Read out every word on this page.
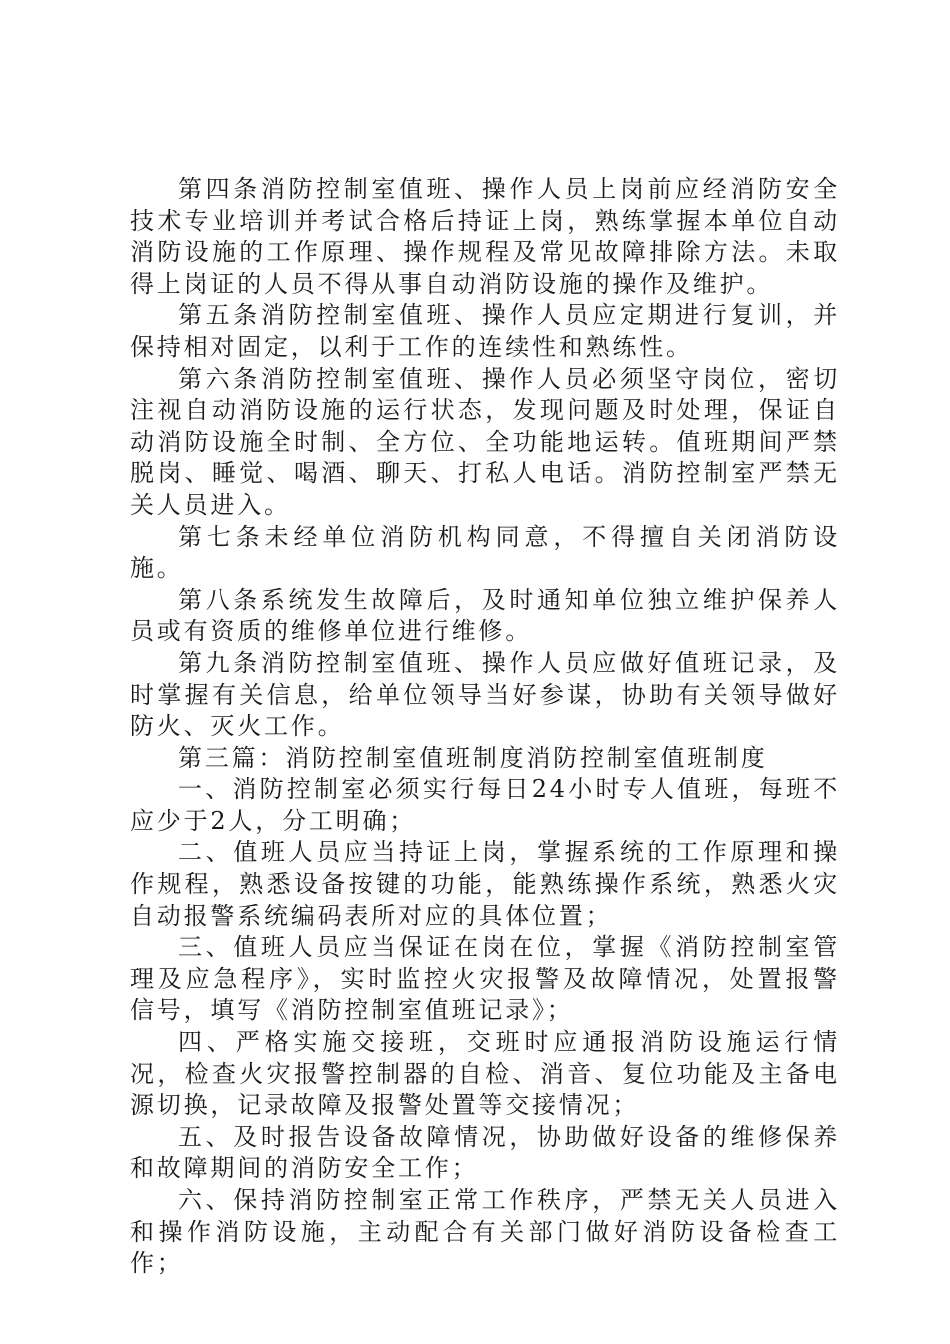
第四条消防控制室值班、操作人员上岗前应经消防安全技术专业培训并考试合格后持证上岗，熟练掌握本单位自动消防设施的工作原理、操作规程及常见故障排除方法。未取得上岗证的人员不得从事自动消防设施的操作及维护。

第五条消防控制室值班、操作人员应定期进行复训，并保持相对固定，以利于工作的连续性和熟练性。

第六条消防控制室值班、操作人员必须坚守岗位，密切注视自动消防设施的运行状态，发现问题及时处理，保证自动消防设施全时制、全方位、全功能地运转。值班期间严禁脱岗、睡觉、喝酒、聊天、打私人电话。消防控制室严禁无关人员进入。

第七条未经单位消防机构同意，不得擅自关闭消防设施。

第八条系统发生故障后，及时通知单位独立维护保养人员或有资质的维修单位进行维修。

第九条消防控制室值班、操作人员应做好值班记录，及时掌握有关信息，给单位领导当好参谋，协助有关领导做好防火、灭火工作。

第三篇：消防控制室值班制度消防控制室值班制度

一、消防控制室必须实行每日24小时专人值班，每班不应少于2人，分工明确；

二、值班人员应当持证上岗，掌握系统的工作原理和操作规程，熟悉设备按键的功能，能熟练操作系统，熟悉火灾自动报警系统编码表所对应的具体位置；

三、值班人员应当保证在岗在位，掌握《消防控制室管理及应急程序》，实时监控火灾报警及故障情况，处置报警信号，填写《消防控制室值班记录》；

四、严格实施交接班，交班时应通报消防设施运行情况，检查火灾报警控制器的自检、消音、复位功能及主备电源切换，记录故障及报警处置等交接情况；

五、及时报告设备故障情况，协助做好设备的维修保养和故障期间的消防安全工作；

六、保持消防控制室正常工作秩序，严禁无关人员进入和操作消防设施，主动配合有关部门做好消防设备检查工作；
